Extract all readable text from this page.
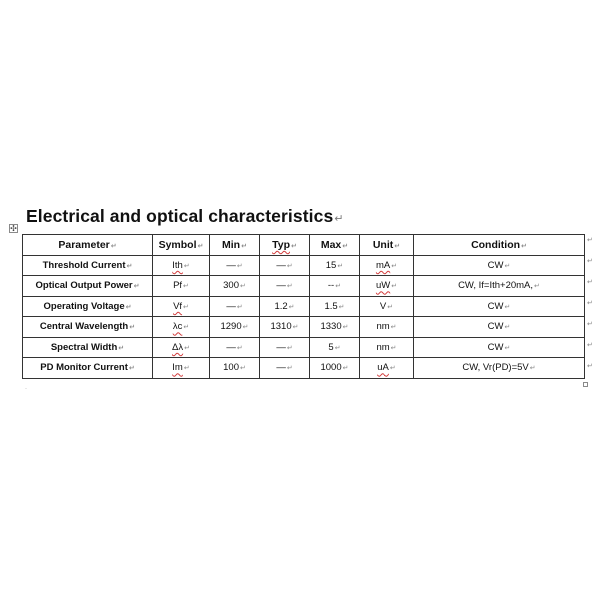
Electrical and optical characteristics↵
✣
Parameter↵	Symbol↵	Min↵	Typ↵	Max↵	Unit↵	Condition↵
Threshold Current↵	Ith↵	—↵	—↵	15↵	mA↵	CW↵
Optical Output Power↵	Pf↵	300↵	—↵	--↵	uW↵	CW, If=Ith+20mA,↵
Operating Voltage↵	Vf↵	—↵	1.2↵	1.5↵	V↵	CW↵
Central Wavelength↵	λc↵	1290↵	1310↵	1330↵	nm↵	CW↵
Spectral Width↵	Δλ↵	—↵	—↵	5↵	nm↵	CW↵
PD Monitor Current↵	Im↵	100↵	—↵	1000↵	uA↵	CW, Vr(PD)=5V↵
↵
↵
↵
↵
↵
↵
↵
·
